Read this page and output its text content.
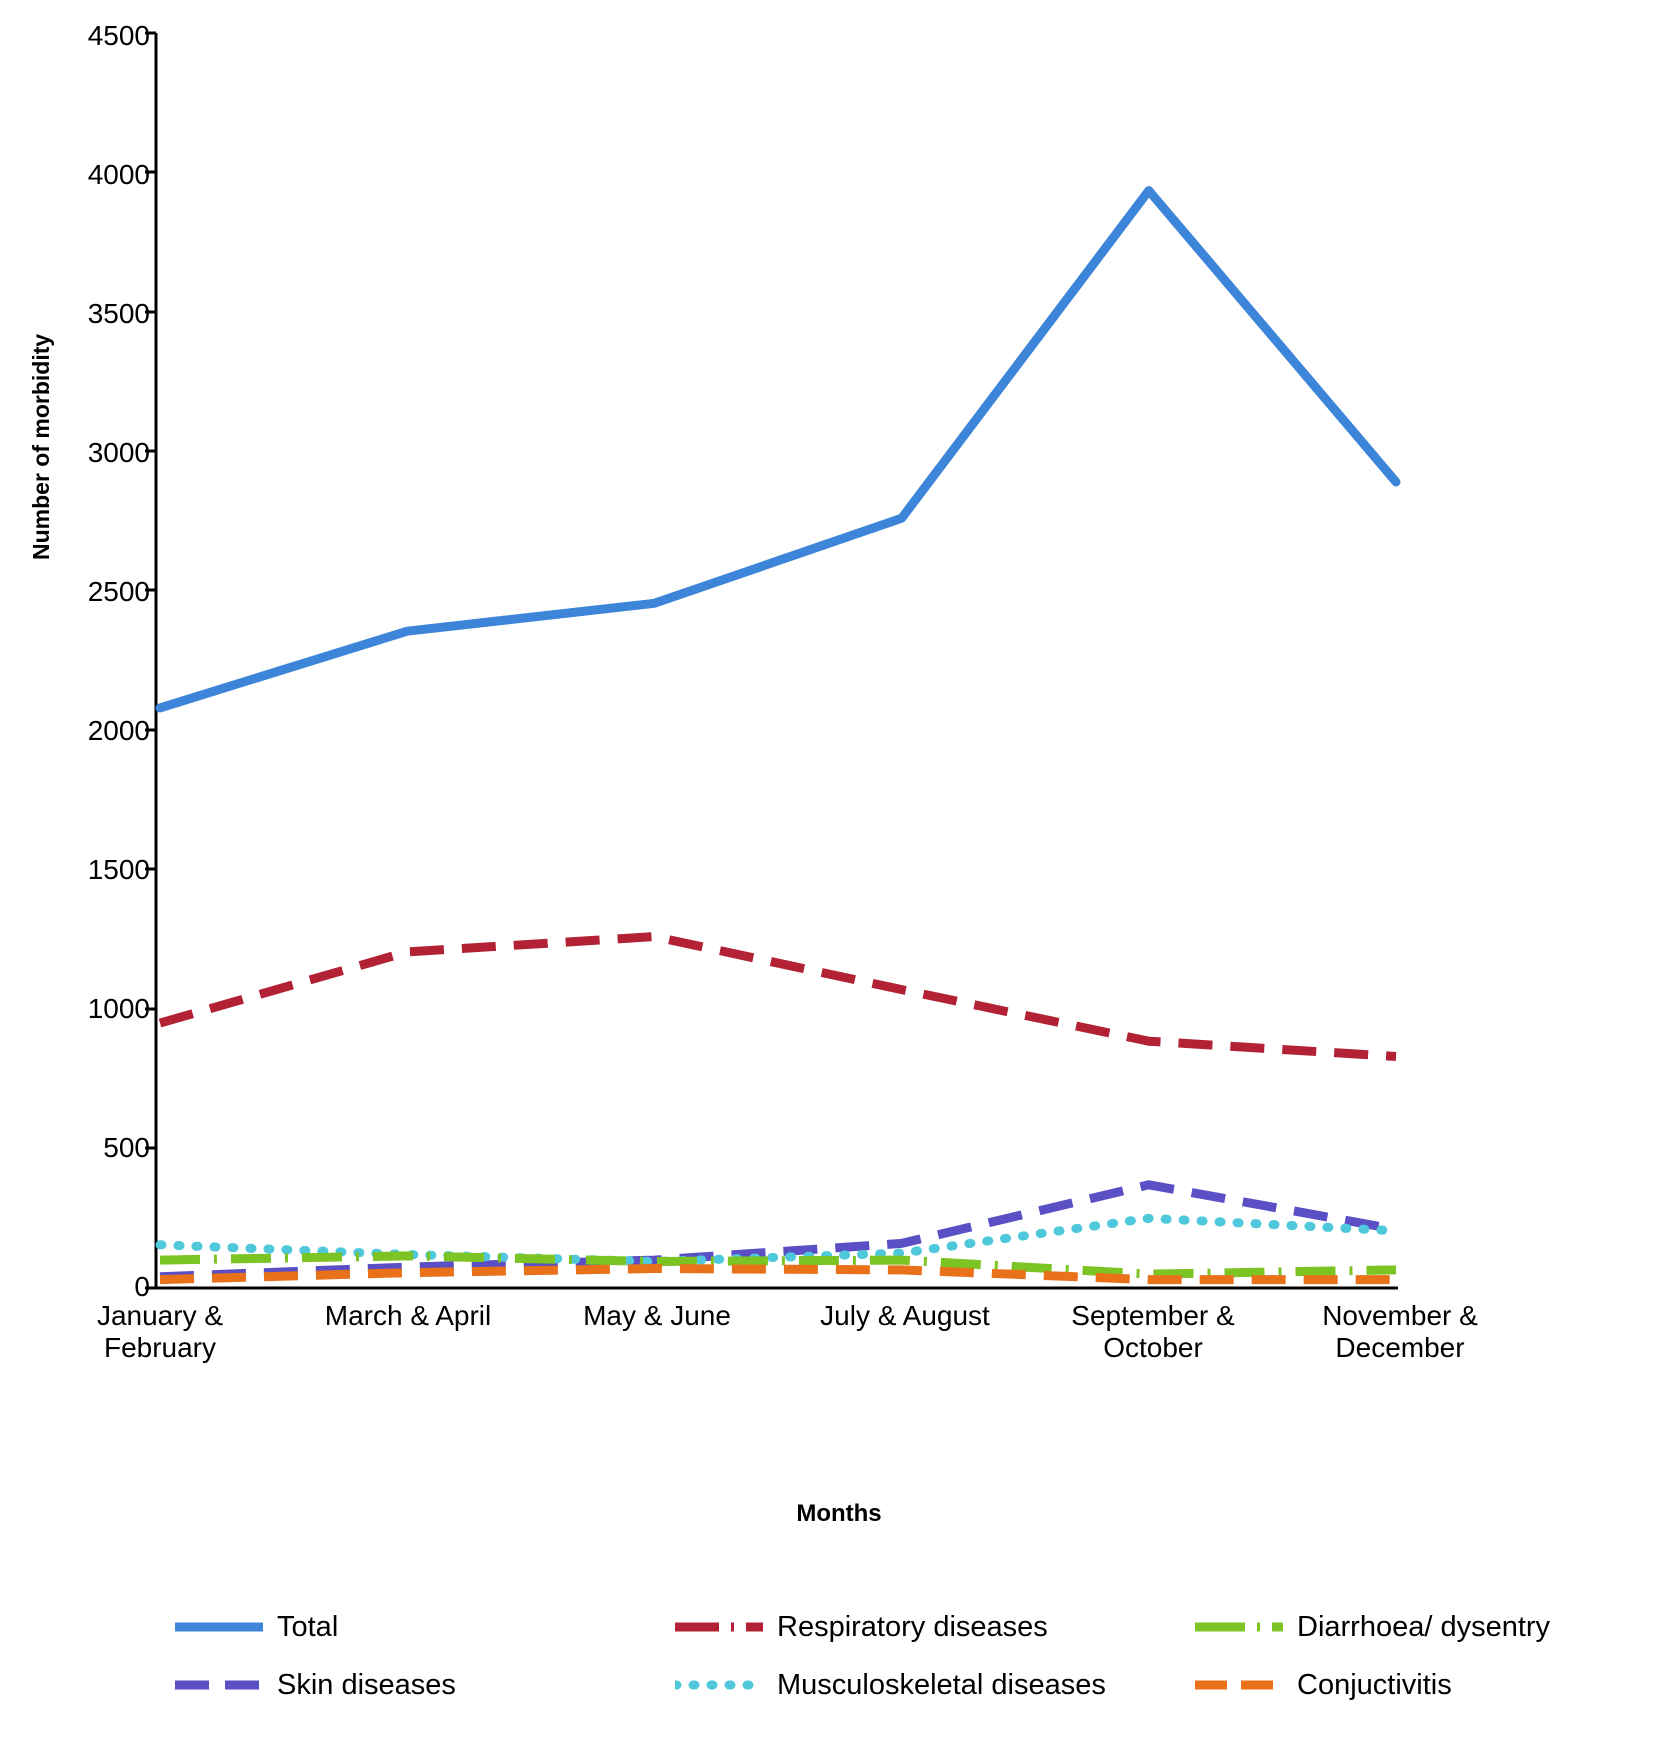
4500
4000
3500
3000
2500
2000
1500
1000
500
0
January &
February
March & April	May & June	July & August	September &
October
November &
December
Number of morbidity
Months
Total	Respiratory diseases	Diarrhoea/ dysentry
Skin diseases	Musculoskeletal diseases	Conjuctivitis
